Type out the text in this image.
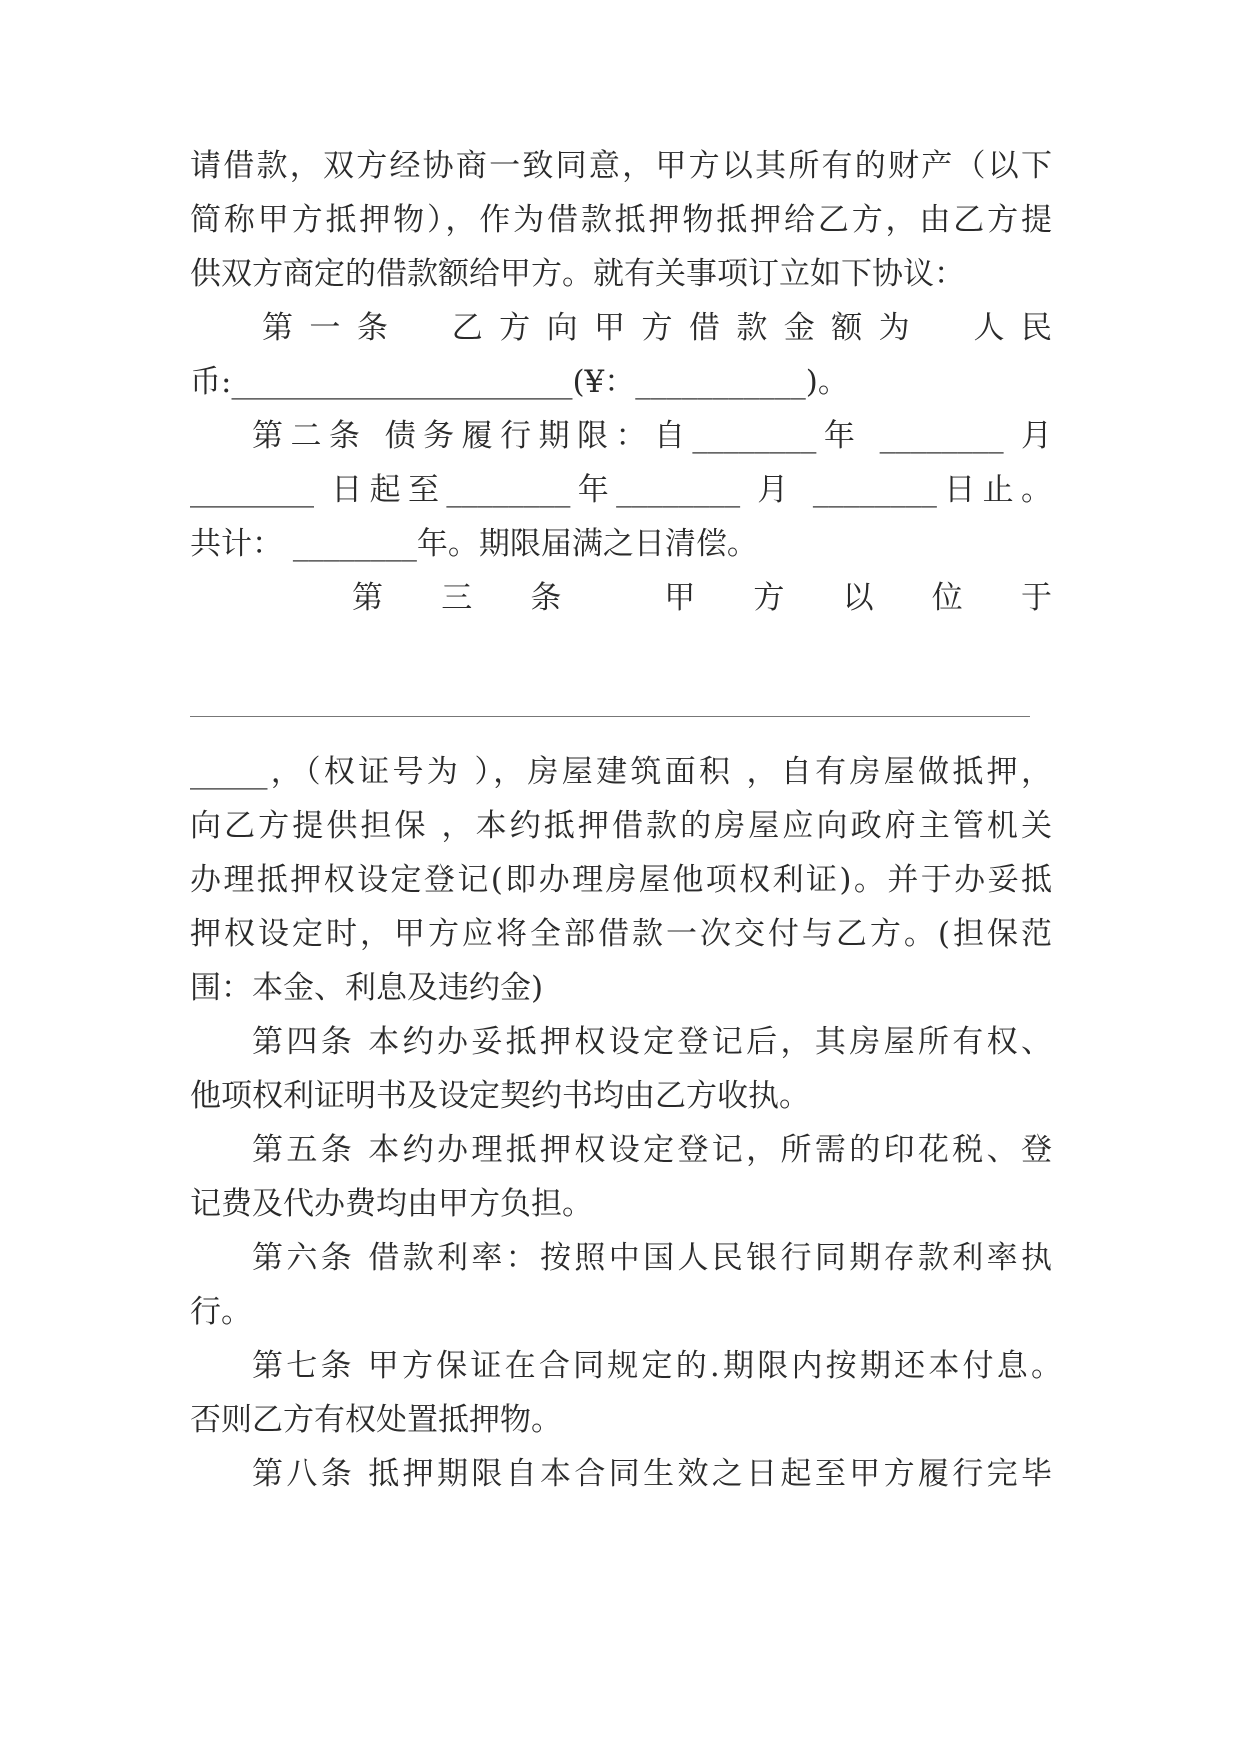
请借款，双方经协商一致同意，甲方以其所有的财产（以下
简称甲方抵押物），作为借款抵押物抵押给乙方，由乙方提
供双方商定的借款额给甲方。就有关事项订立如下协议：
第一条　乙方向甲方借款金额为　人民
币:______________________(¥：___________)。
第二条 债务履行期限：自________年 ________ 月
________ 日起至________年________ 月 ________日止。
共计： ________年。期限届满之日清偿。
第　三　条　　甲　方　以　位　于
_____，（权证号为 ），房屋建筑面积 ，自有房屋做抵押，
向乙方提供担保 ，本约抵押借款的房屋应向政府主管机关
办理抵押权设定登记(即办理房屋他项权利证)。并于办妥抵
押权设定时，甲方应将全部借款一次交付与乙方。(担保范
围：本金、利息及违约金)
第四条 本约办妥抵押权设定登记后，其房屋所有权、
他项权利证明书及设定契约书均由乙方收执。
第五条 本约办理抵押权设定登记，所需的印花税、登
记费及代办费均由甲方负担。
第六条 借款利率：按照中国人民银行同期存款利率执
行。
第七条 甲方保证在合同规定的.期限内按期还本付息。
否则乙方有权处置抵押物。
第八条 抵押期限自本合同生效之日起至甲方履行完毕
